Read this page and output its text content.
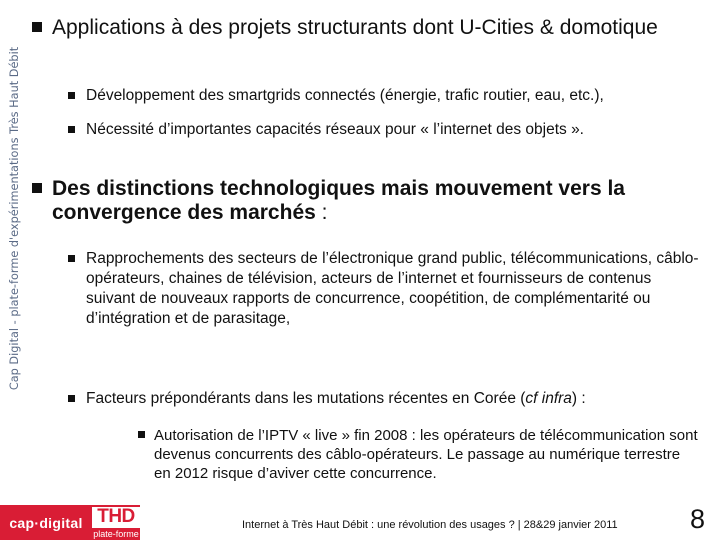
Cap Digital - plate-forme d'expérimentations Très Haut Débit
Applications à des projets structurants dont U-Cities & domotique
Développement des smartgrids connectés (énergie, trafic routier, eau, etc.),
Nécessité d’importantes capacités réseaux pour « l’internet des objets ».
Des distinctions technologiques mais mouvement vers la convergence des marchés :
Rapprochements des secteurs de l’électronique grand public, télécommunications, câblo-opérateurs, chaines de télévision, acteurs de l’internet et fournisseurs de contenus suivant de nouveaux rapports de concurrence, coopétition, de complémentarité ou d’intégration et de parasitage,
Facteurs prépondérants dans les mutations récentes en Corée (cf infra) :
Autorisation de l’IPTV « live » fin 2008 : les opérateurs de télécommunication sont devenus concurrents des câblo-opérateurs. Le passage au numérique terrestre en 2012 risque d’aviver cette concurrence.
cap·digital THD
plate-forme
Internet à Très Haut Débit : une révolution des usages ? | 28&29 janvier 2011	8
